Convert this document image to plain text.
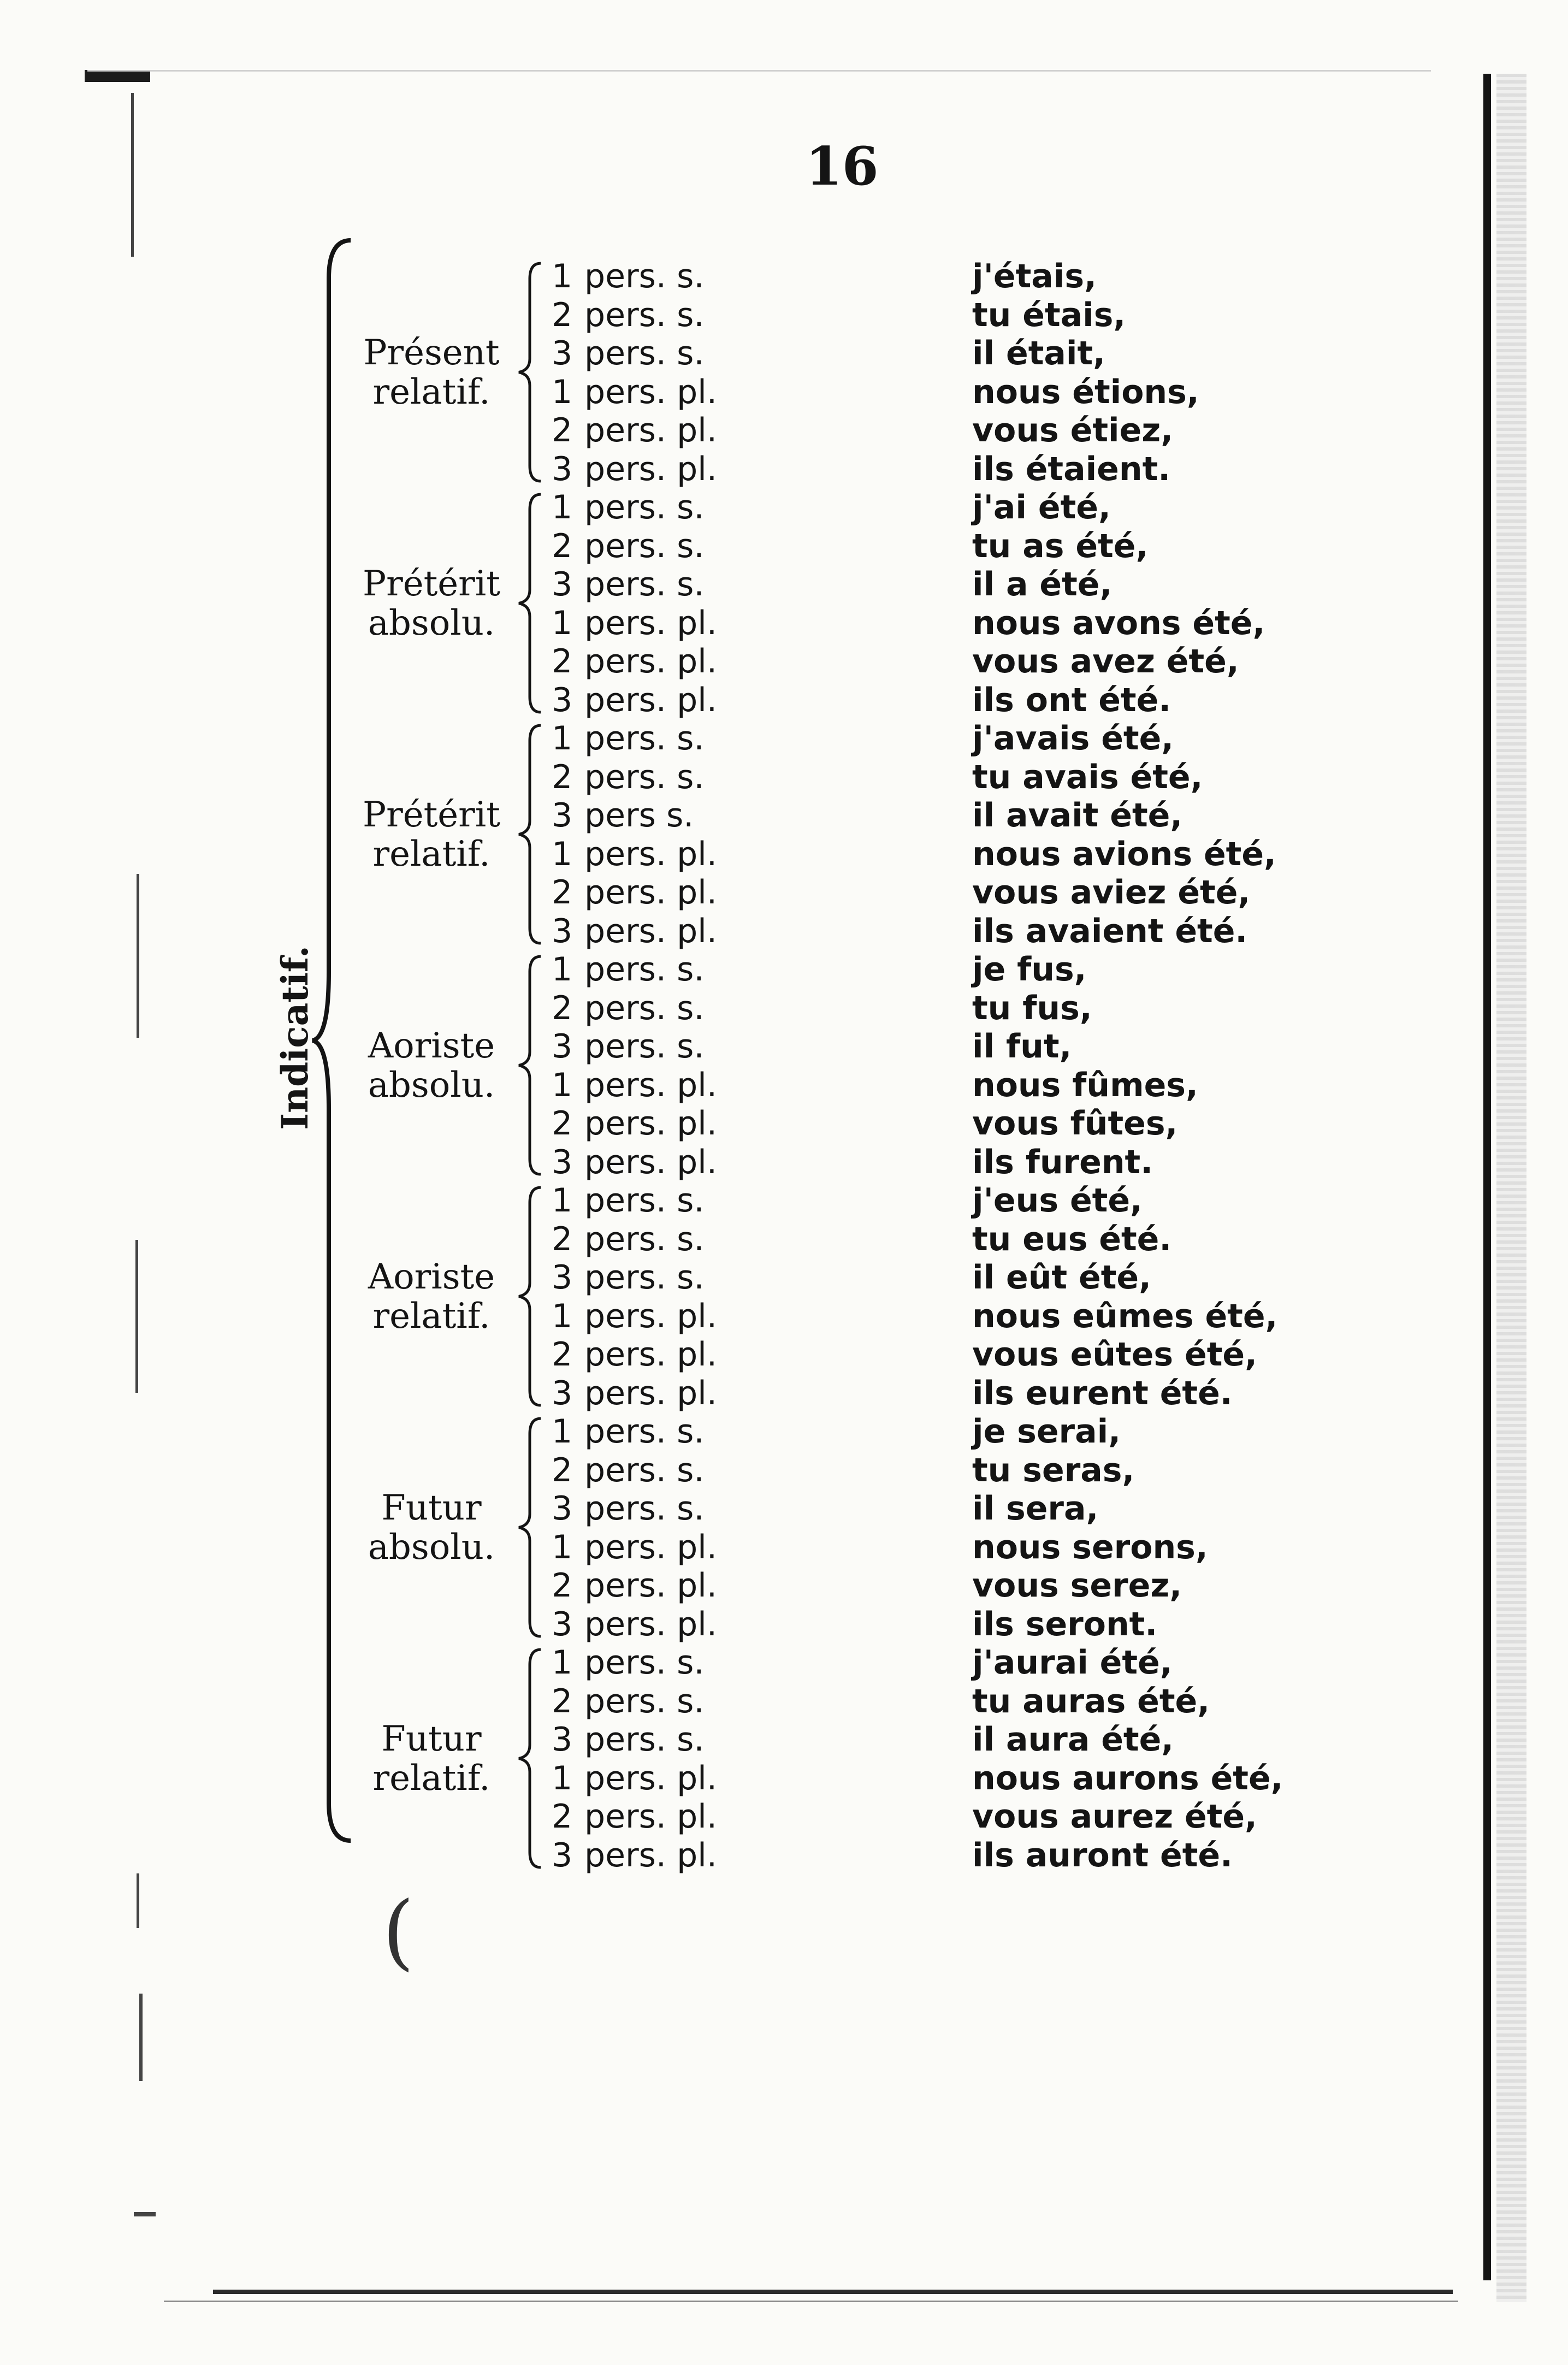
(
16
Indicatif.
Présent
relatif.
1 pers. s.	j'étais,
2 pers. s.	tu étais,
3 pers. s.	il était,
1 pers. pl.	nous étions,
2 pers. pl.	vous étiez,
3 pers. pl.	ils étaient.
Prétérit
absolu.
1 pers. s.	j'ai été,
2 pers. s.	tu as été,
3 pers. s.	il a été,
1 pers. pl.	nous avons été,
2 pers. pl.	vous avez été,
3 pers. pl.	ils ont été.
Prétérit
relatif.
1 pers. s.	j'avais été,
2 pers. s.	tu avais été,
3 pers s.	il avait été,
1 pers. pl.	nous avions été,
2 pers. pl.	vous aviez été,
3 pers. pl.	ils avaient été.
Aoriste
absolu.
1 pers. s.	je fus,
2 pers. s.	tu fus,
3 pers. s.	il fut,
1 pers. pl.	nous fûmes,
2 pers. pl.	vous fûtes,
3 pers. pl.	ils furent.
Aoriste
relatif.
1 pers. s.	j'eus été,
2 pers. s.	tu eus été.
3 pers. s.	il eût été,
1 pers. pl.	nous eûmes été,
2 pers. pl.	vous eûtes été,
3 pers. pl.	ils eurent été.
Futur
absolu.
1 pers. s.	je serai,
2 pers. s.	tu seras,
3 pers. s.	il sera,
1 pers. pl.	nous serons,
2 pers. pl.	vous serez,
3 pers. pl.	ils seront.
Futur
relatif.
1 pers. s.	j'aurai été,
2 pers. s.	tu auras été,
3 pers. s.	il aura été,
1 pers. pl.	nous aurons été,
2 pers. pl.	vous aurez été,
3 pers. pl.	ils auront été.
